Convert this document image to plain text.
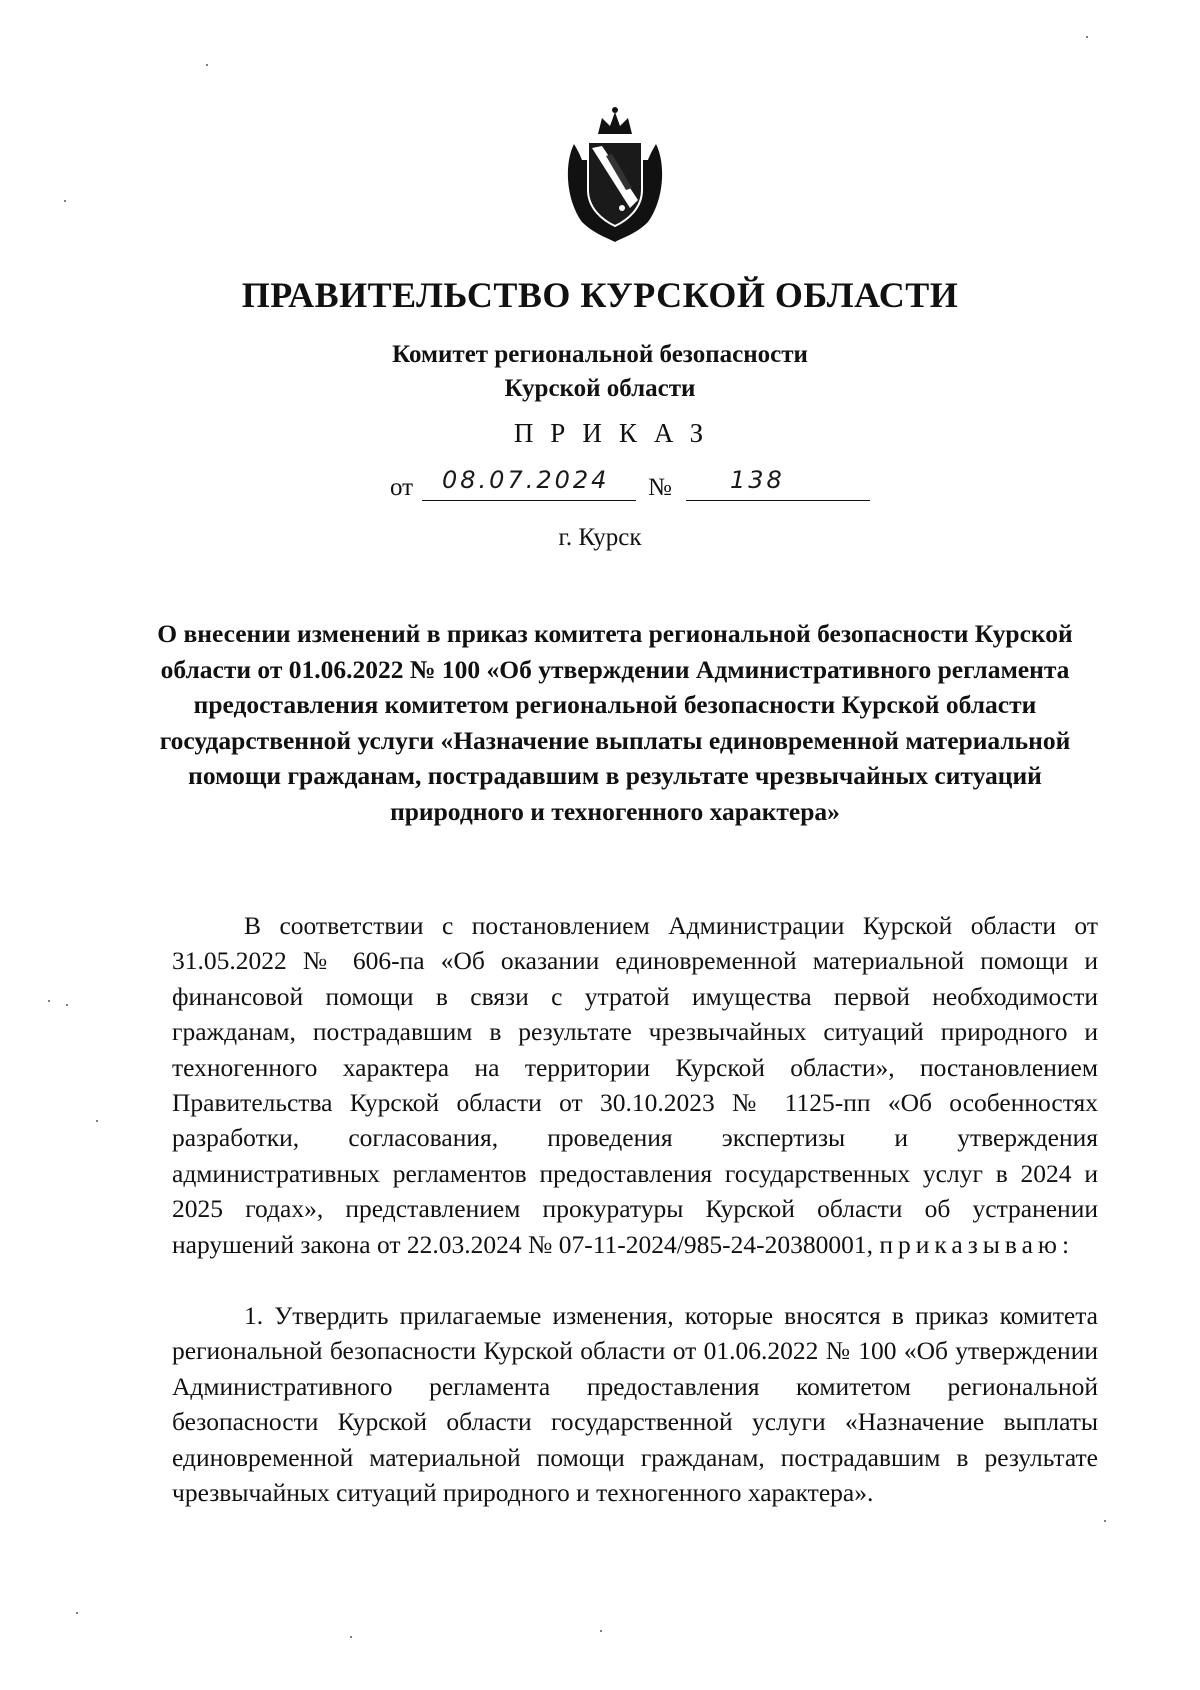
ПРАВИТЕЛЬСТВО КУРСКОЙ ОБЛАСТИ
Комитет региональной безопасности
Курской области
ПРИКАЗ
от 08.07.2024 № 138
г. Курск
О внесении изменений в приказ комитета региональной безопасности Курской области от 01.06.2022 № 100 «Об утверждении Административного регламента предоставления комитетом региональной безопасности Курской области государственной услуги «Назначение выплаты единовременной материальной помощи гражданам, пострадавшим в результате чрезвычайных ситуаций природного и техногенного характера»

В соответствии с постановлением Администрации Курской области от 31.05.2022 № 606-па «Об оказании единовременной материальной помощи и финансовой помощи в связи с утратой имущества первой необходимости гражданам, пострадавшим в результате чрезвычайных ситуаций природного и техногенного характера на территории Курской области», постановлением Правительства Курской области от 30.10.2023 № 1125-пп «Об особенностях разработки, согласования, проведения экспертизы и утверждения административных регламентов предоставления государственных услуг в 2024 и 2025 годах», представлением прокуратуры Курской области об устранении нарушений закона от 22.03.2024 № 07-11-2024/985-24-20380001, приказываю:

1. Утвердить прилагаемые изменения, которые вносятся в приказ комитета региональной безопасности Курской области от 01.06.2022 № 100 «Об утверждении Административного регламента предоставления комитетом региональной безопасности Курской области государственной услуги «Назначение выплаты единовременной материальной помощи гражданам, пострадавшим в результате чрезвычайных ситуаций природного и техногенного характера».
